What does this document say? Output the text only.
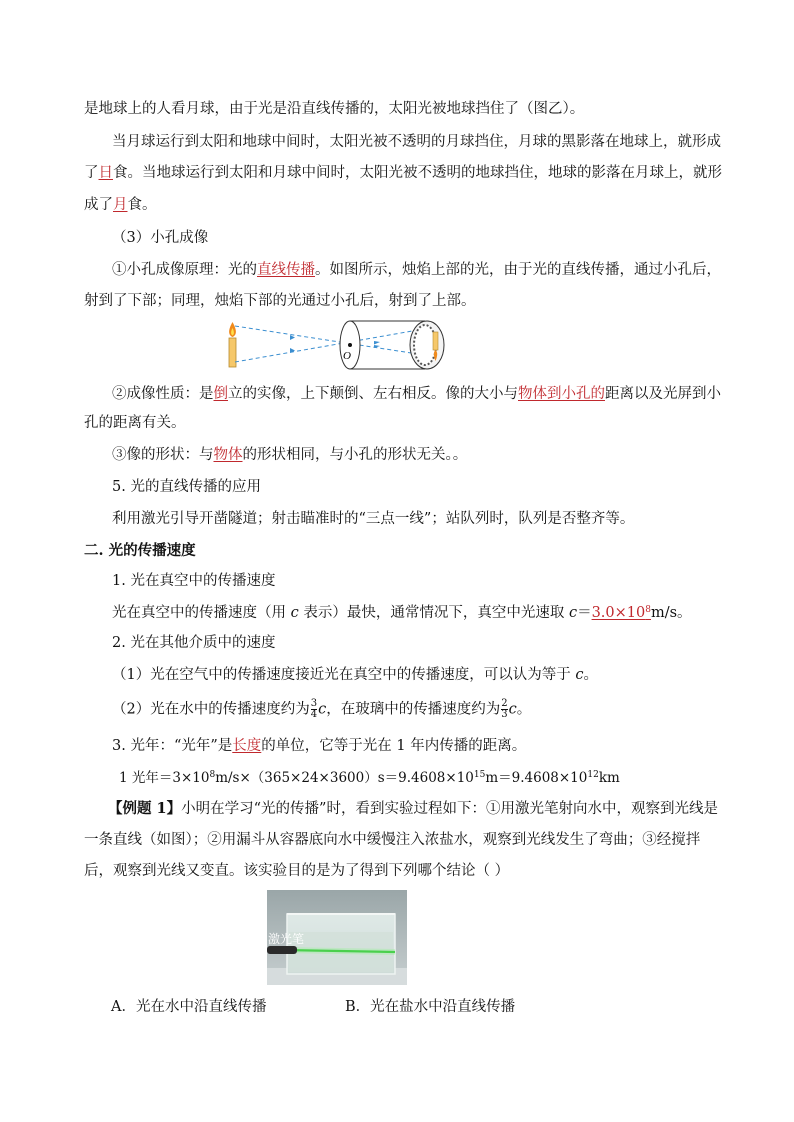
是地球上的人看月球，由于光是沿直线传播的，太阳光被地球挡住了（图乙）。
当月球运行到太阳和地球中间时，太阳光被不透明的月球挡住，月球的黑影落在地球上，就形成
了日食。当地球运行到太阳和月球中间时，太阳光被不透明的地球挡住，地球的影落在月球上，就形
成了月食。
（3）小孔成像
①小孔成像原理：光的直线传播。如图所示，烛焰上部的光，由于光的直线传播，通过小孔后，
射到了下部；同理，烛焰下部的光通过小孔后，射到了上部。
O
②成像性质：是倒立的实像，上下颠倒、左右相反。像的大小与物体到小孔的距离以及光屏到小
孔的距离有关。
③像的形状：与物体的形状相同，与小孔的形状无关。。
5. 光的直线传播的应用
利用激光引导开凿隧道；射击瞄准时的“三点一线”；站队列时，队列是否整齐等。
二. 光的传播速度
1. 光在真空中的传播速度
光在真空中的传播速度（用 c 表示）最快，通常情况下，真空中光速取 $c=3.0\times 10^8m/s$。
2. 光在其他介质中的速度
（1）光在空气中的传播速度接近光在真空中的传播速度，可以认为等于 c。
（2）光在水中的传播速度约为 $\frac{3}{4}$ c，在玻璃中的传播速度约为 $\frac{2}{3}$ c。
3. 光年：“光年”是长度的单位，它等于光在 1 年内传播的距离。
1 光年$=3\times 10^8m/s\times(365\times 24\times 3600)s=9.4608\times 10^{15}m=9.4608\times 10^{12}km$
【例题 1】小明在学习“光的传播”时，看到实验过程如下：①用激光笔射向水中，观察到光线是
一条直线（如图）；②用漏斗从容器底向水中缓慢注入浓盐水，观察到光线发生了弯曲；③经搅拌
后，观察到光线又变直。该实验目的是为了得到下列哪个结论（ ）
激光笔
A．光在水中沿直线传播	B．光在盐水中沿直线传播
